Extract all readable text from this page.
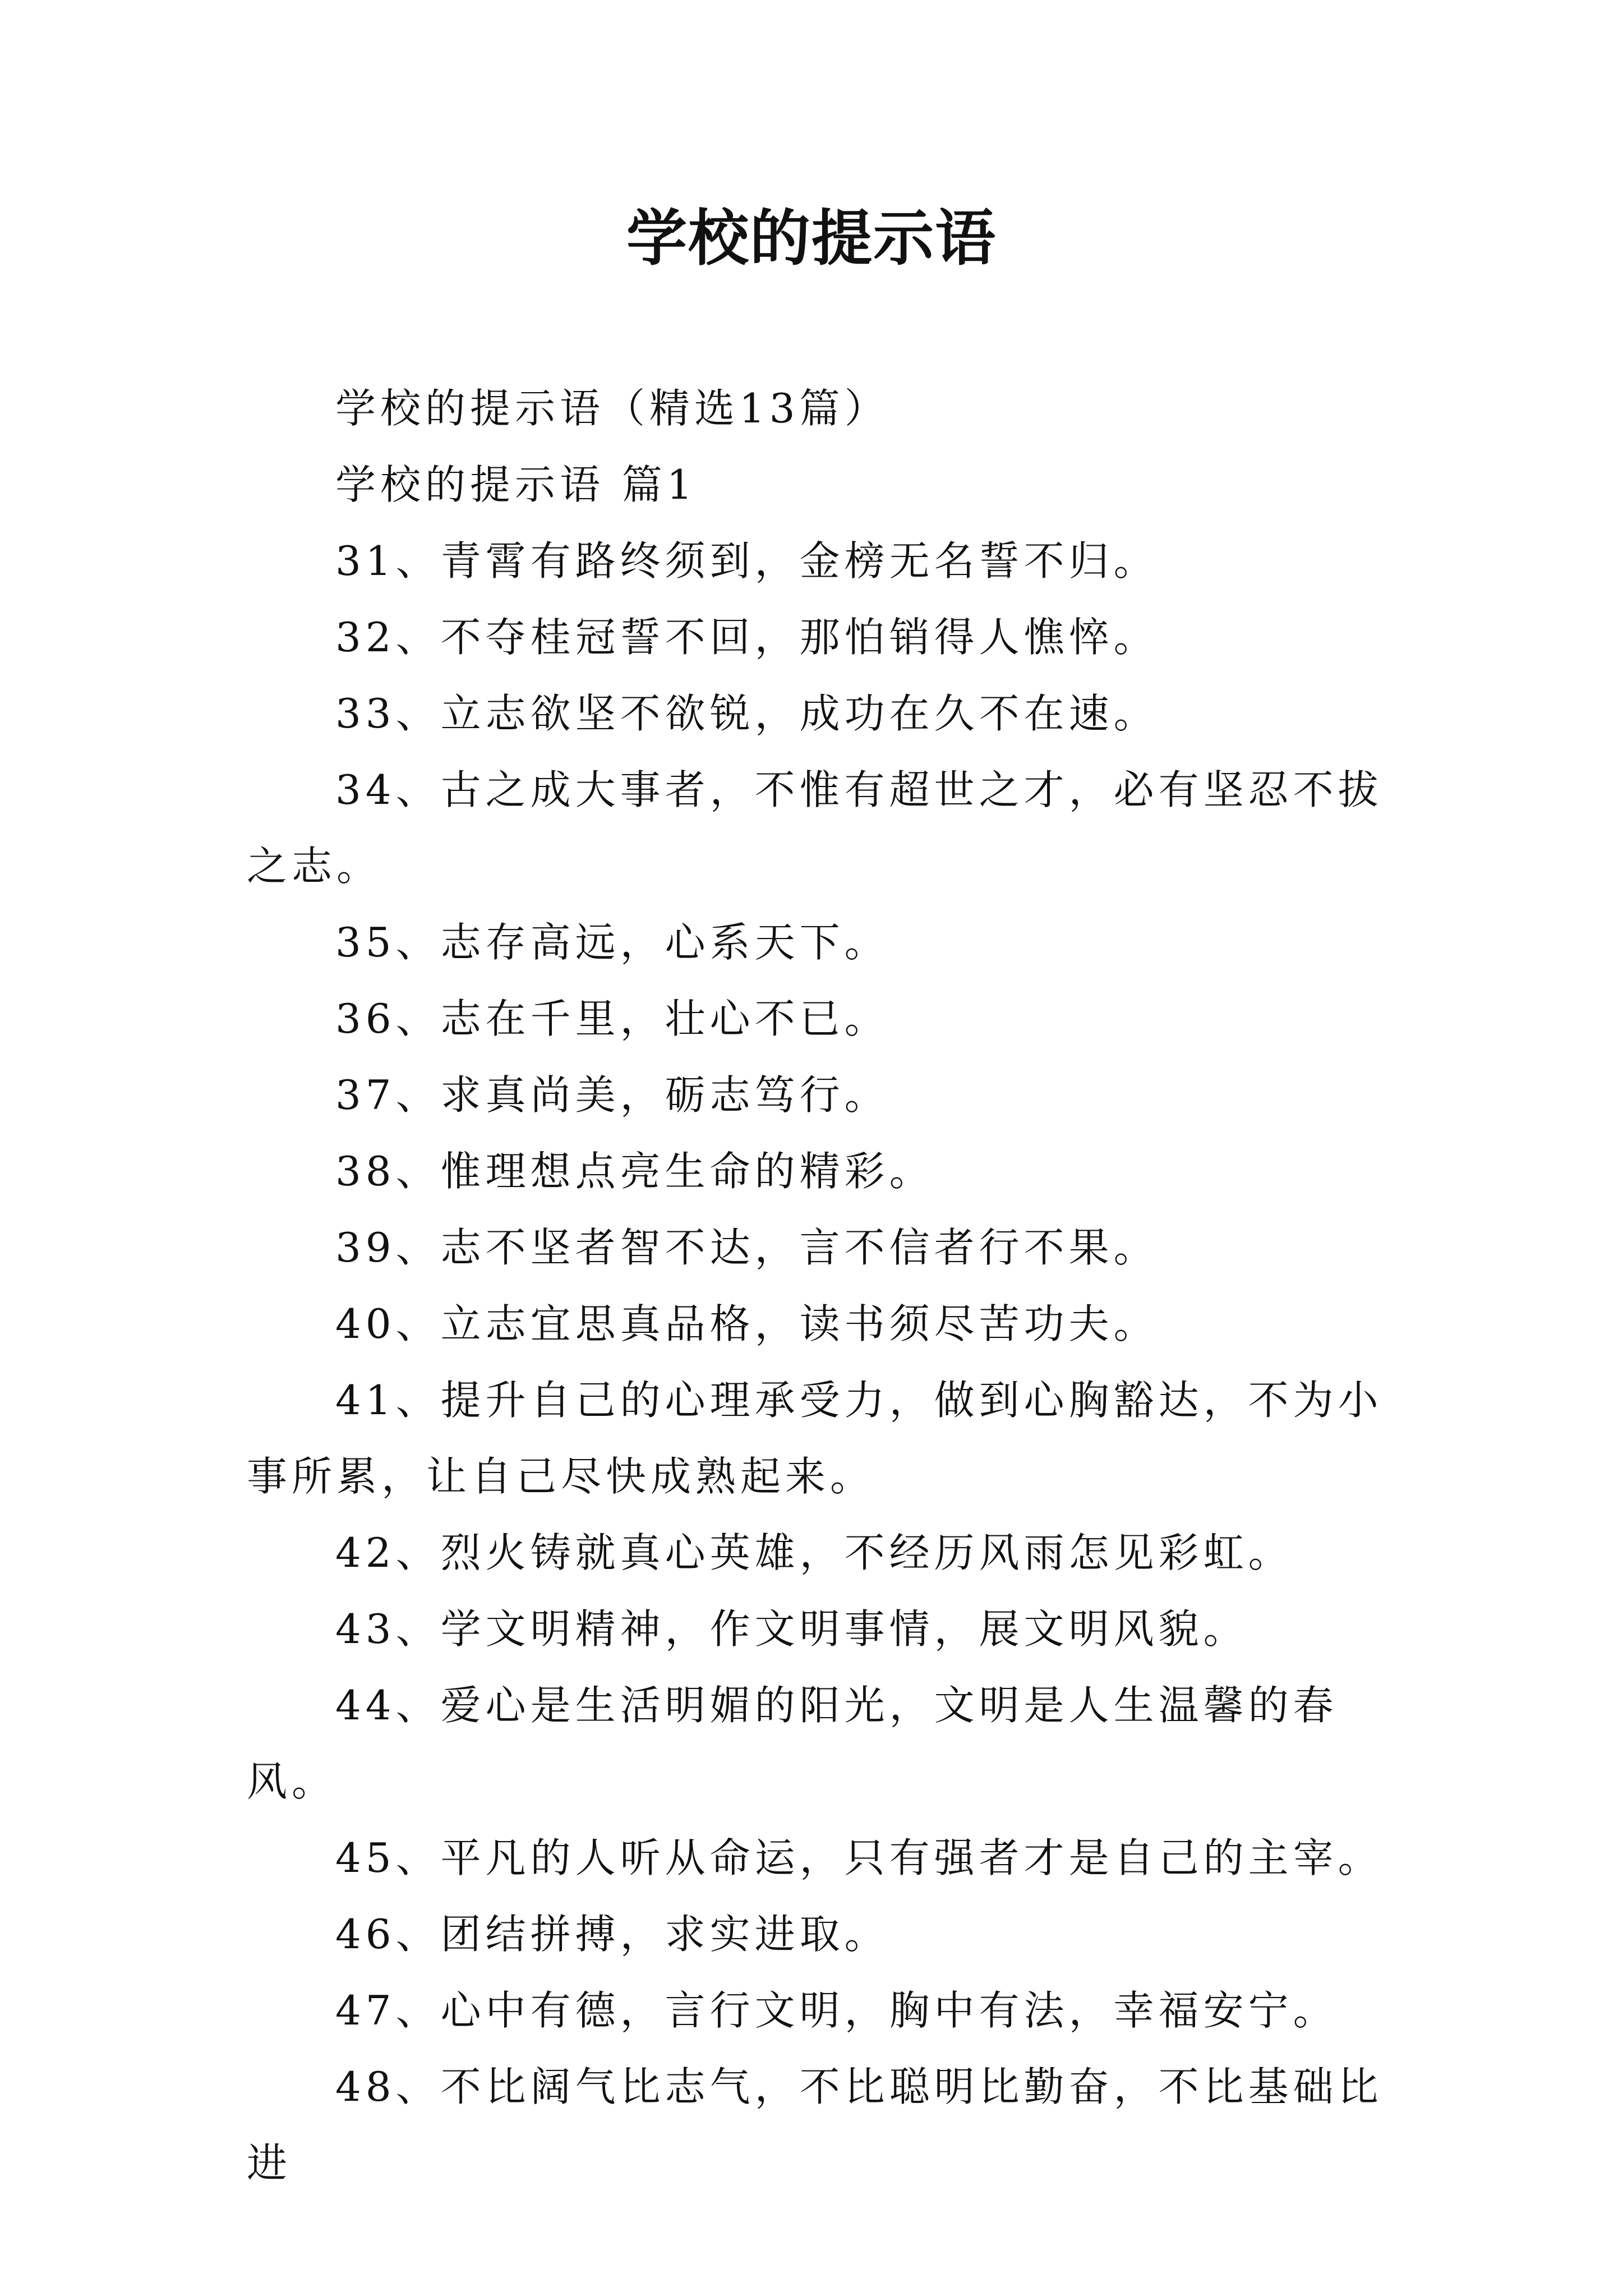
学校的提示语

学校的提示语（精选13篇）

学校的提示语 篇1

31、青霄有路终须到，金榜无名誓不归。

32、不夺桂冠誓不回，那怕销得人憔悴。

33、立志欲坚不欲锐，成功在久不在速。

34、古之成大事者，不惟有超世之才，必有坚忍不拔之志。

35、志存高远，心系天下。

36、志在千里，壮心不已。

37、求真尚美，砺志笃行。

38、惟理想点亮生命的精彩。

39、志不坚者智不达，言不信者行不果。

40、立志宜思真品格，读书须尽苦功夫。

41、提升自己的心理承受力，做到心胸豁达，不为小事所累，让自己尽快成熟起来。

42、烈火铸就真心英雄，不经历风雨怎见彩虹。

43、学文明精神，作文明事情，展文明风貌。

44、爱心是生活明媚的阳光，文明是人生温馨的春风。

45、平凡的人听从命运，只有强者才是自己的主宰。

46、团结拼搏，求实进取。

47、心中有德，言行文明，胸中有法，幸福安宁。

48、不比阔气比志气，不比聪明比勤奋，不比基础比进
